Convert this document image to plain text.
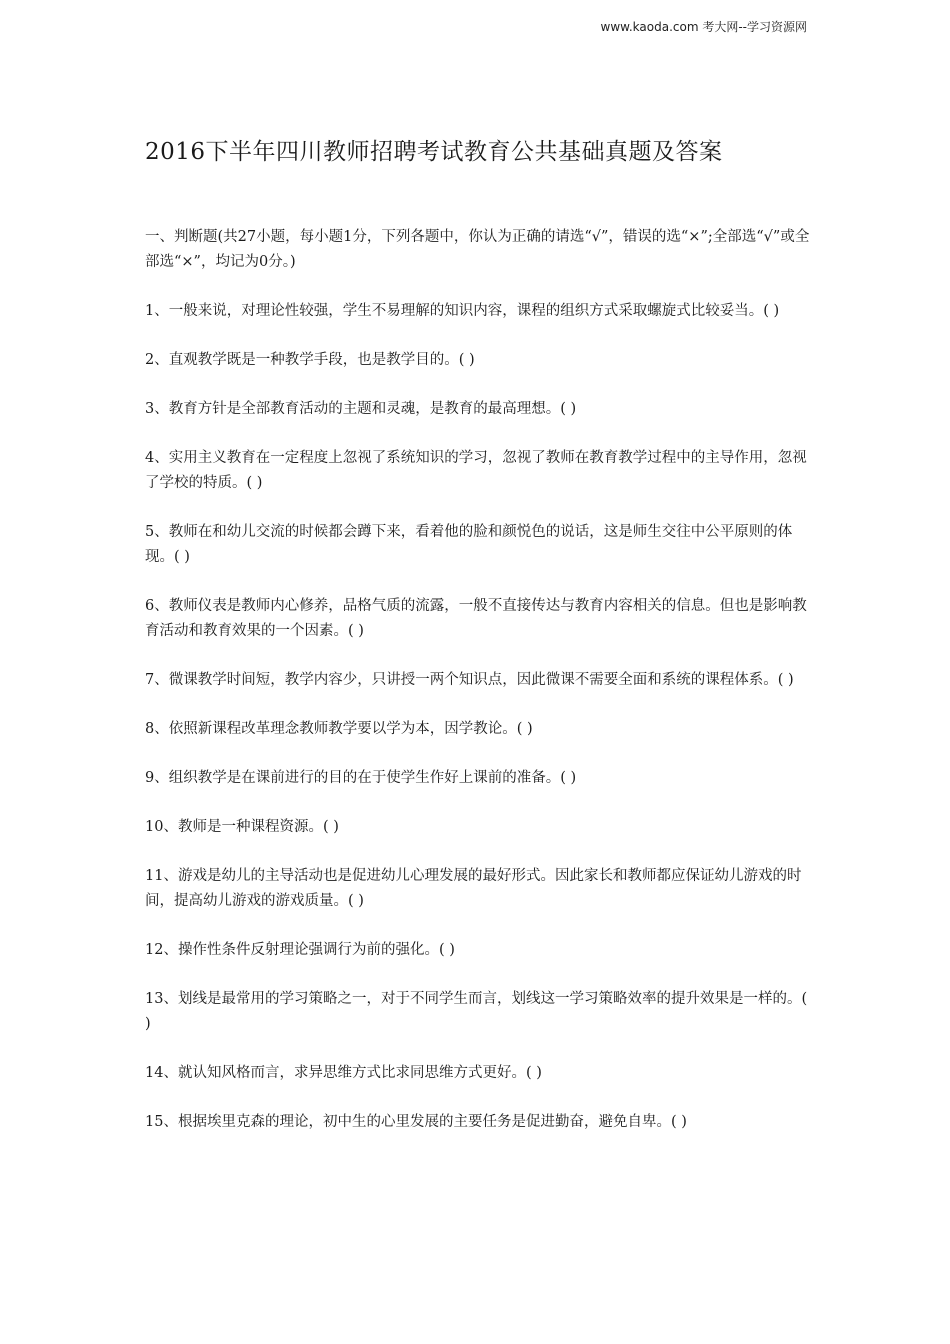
www.kaoda.com 考大网--学习资源网
2016下半年四川教师招聘考试教育公共基础真题及答案

一、判断题(共27小题，每小题1分，下列各题中，你认为正确的请选“√”，错误的选“×”;全部选“√”或全部选“×”，均记为0分。)

1、一般来说，对理论性较强，学生不易理解的知识内容，课程的组织方式采取螺旋式比较妥当。( )

2、直观教学既是一种教学手段，也是教学目的。( )

3、教育方针是全部教育活动的主题和灵魂，是教育的最高理想。( )

4、实用主义教育在一定程度上忽视了系统知识的学习，忽视了教师在教育教学过程中的主导作用，忽视了学校的特质。( )

5、教师在和幼儿交流的时候都会蹲下来，看着他的脸和颜悦色的说话，这是师生交往中公平原则的体现。( )

6、教师仪表是教师内心修养，品格气质的流露，一般不直接传达与教育内容相关的信息。但也是影响教育活动和教育效果的一个因素。( )

7、微课教学时间短，教学内容少，只讲授一两个知识点，因此微课不需要全面和系统的课程体系。( )

8、依照新课程改革理念教师教学要以学为本，因学教论。( )

9、组织教学是在课前进行的目的在于使学生作好上课前的准备。( )

10、教师是一种课程资源。( )

11、游戏是幼儿的主导活动也是促进幼儿心理发展的最好形式。因此家长和教师都应保证幼儿游戏的时间，提高幼儿游戏的游戏质量。( )

12、操作性条件反射理论强调行为前的强化。( )

13、划线是最常用的学习策略之一，对于不同学生而言，划线这一学习策略效率的提升效果是一样的。( )

14、就认知风格而言，求异思维方式比求同思维方式更好。( )

15、根据埃里克森的理论，初中生的心里发展的主要任务是促进勤奋，避免自卑。( )
